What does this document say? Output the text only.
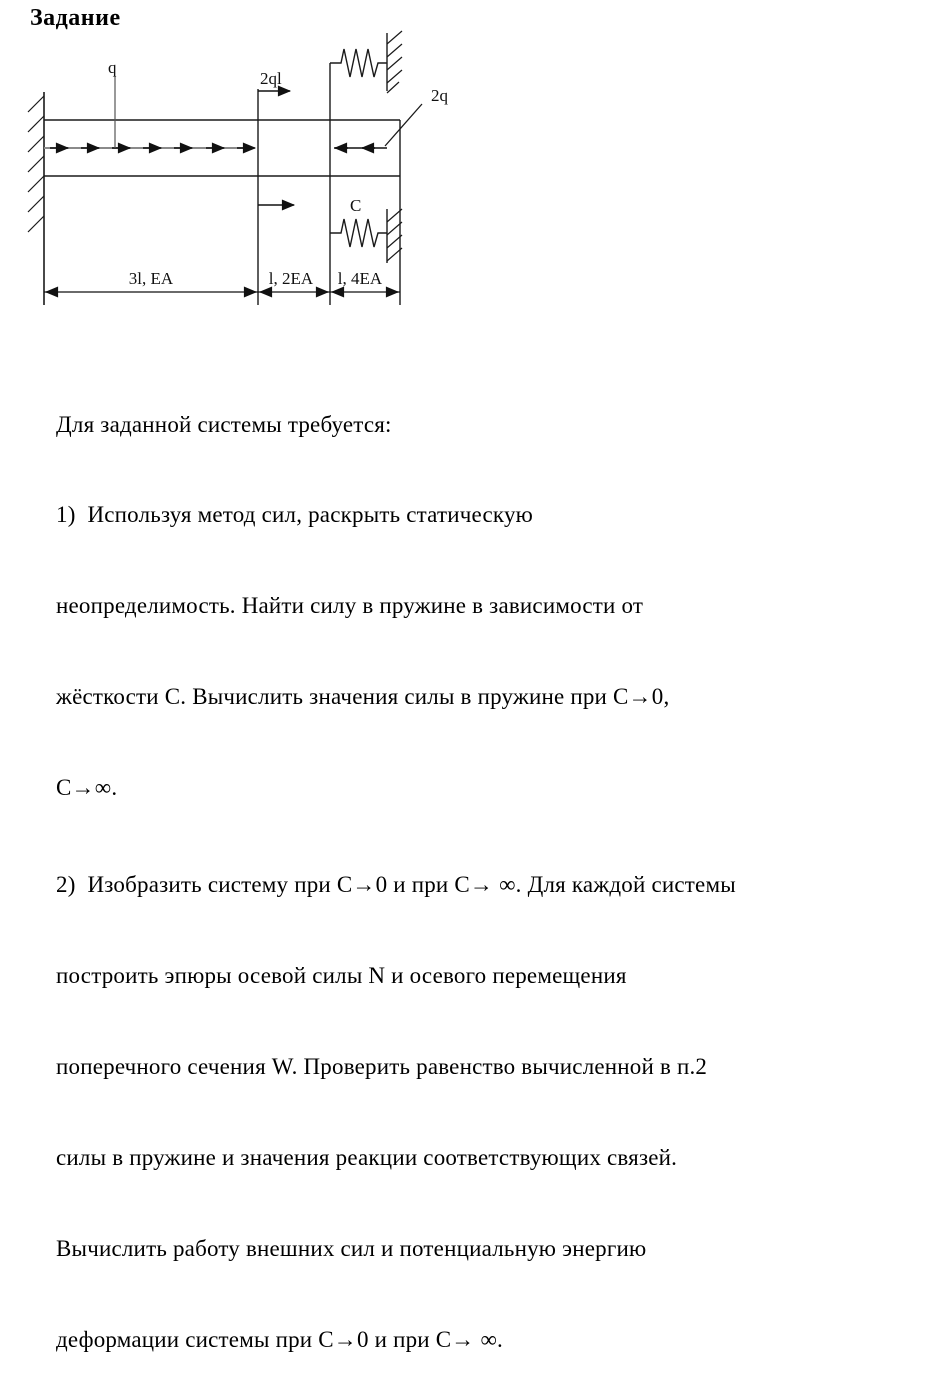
Задание
q
2ql
2q
C
3l, EA	l, 2EA l, 4EA

Для заданной системы требуется:

1)  Используя метод сил, раскрыть статическую

неопределимость. Найти силу в пружине в зависимости от

жёсткости С. Вычислить значения силы в пружине при С→0,

С→∞.

2)  Изобразить систему при С→0 и при С→ ∞. Для каждой системы

построить эпюры осевой силы N и осевого перемещения

поперечного сечения W. Проверить равенство вычисленной в п.2

силы в пружине и значения реакции соответствующих связей.

Вычислить работу внешних сил и потенциальную энергию

деформации системы при С→0 и при С→ ∞.
